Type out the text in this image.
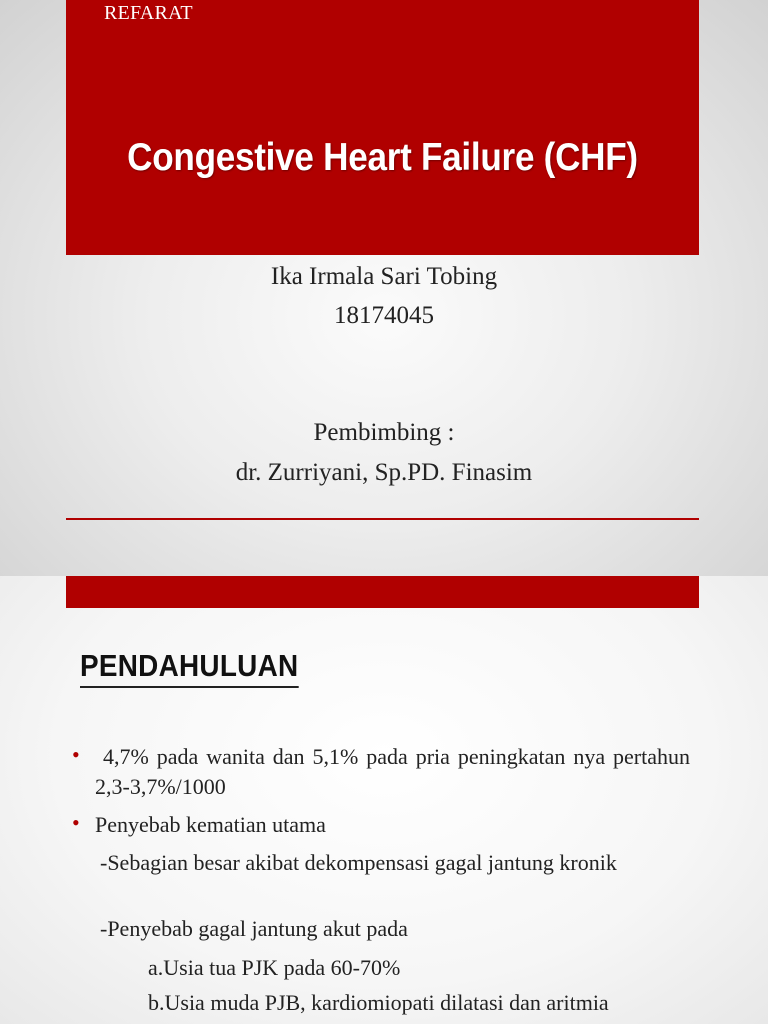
REFARAT
Congestive Heart Failure (CHF)
Ika Irmala Sari Tobing
18174045
Pembimbing :
dr. Zurriyani, Sp.PD. Finasim
PENDAHULUAN
•	4,7% pada wanita dan 5,1% pada pria peningkatan nya pertahun 2,3-3,7%/1000
• Penyebab kematian utama
-Sebagian besar akibat dekompensasi gagal jantung kronik
-Penyebab gagal jantung akut pada
a.Usia tua PJK pada 60-70%
b.Usia muda PJB, kardiomiopati dilatasi dan aritmia
